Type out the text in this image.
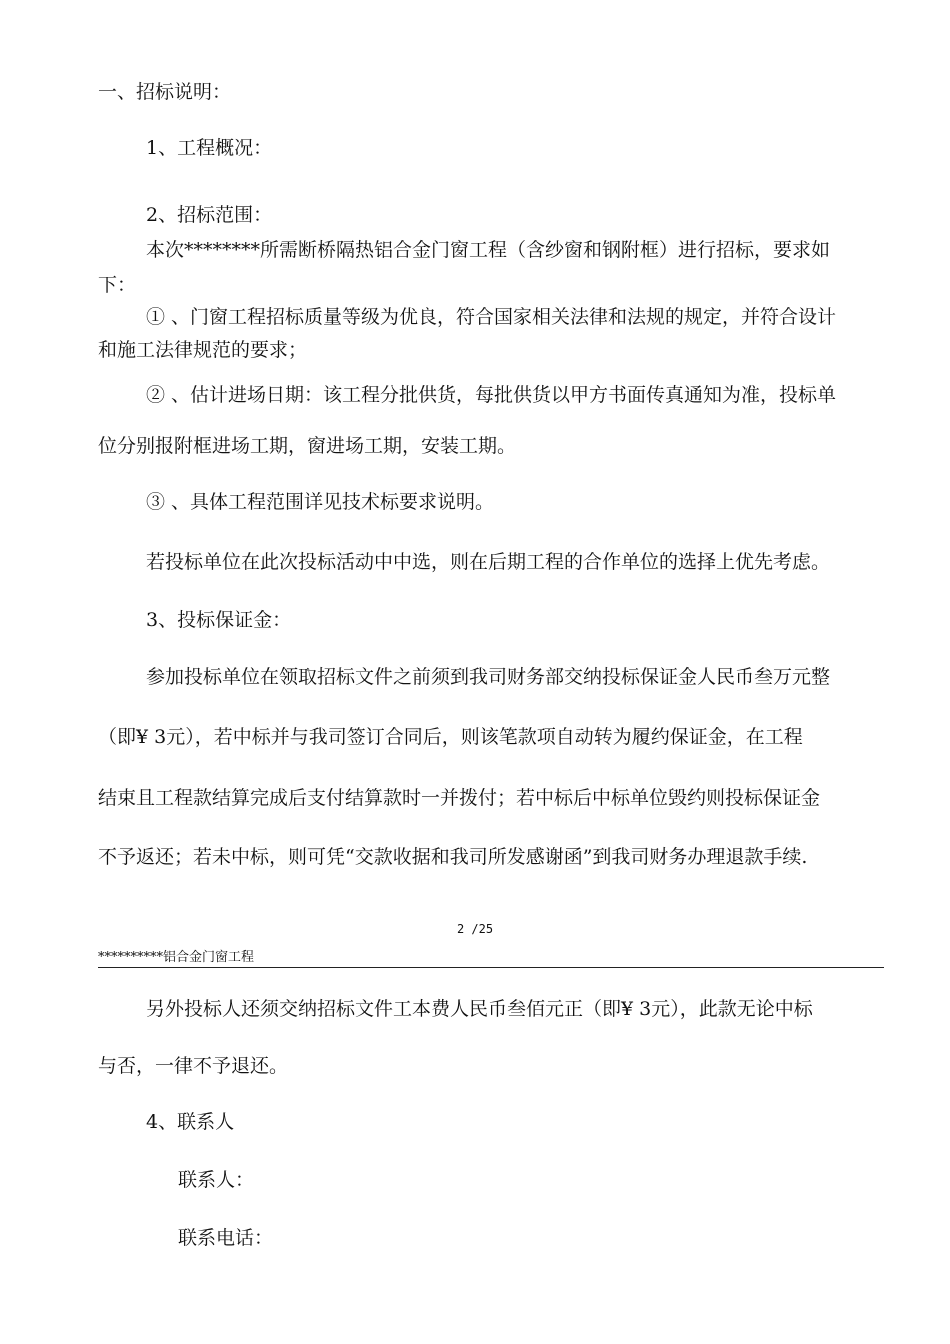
一、招标说明：
1、工程概况：
2、招标范围：
本次********所需断桥隔热铝合金门窗工程（含纱窗和钢附框）进行招标，要求如
下：
① 、门窗工程招标质量等级为优良，符合国家相关法律和法规的规定，并符合设计
和施工法律规范的要求；
② 、估计进场日期：该工程分批供货，每批供货以甲方书面传真通知为准，投标单
位分别报附框进场工期，窗进场工期，安装工期。
③ 、具体工程范围详见技术标要求说明。
若投标单位在此次投标活动中中选，则在后期工程的合作单位的选择上优先考虑。
3、投标保证金：
参加投标单位在领取招标文件之前须到我司财务部交纳投标保证金人民币叁万元整
（即¥ 3元），若中标并与我司签订合同后，则该笔款项自动转为履约保证金，在工程
结束且工程款结算完成后支付结算款时一并拨付；若中标后中标单位毁约则投标保证金
不予返还；若未中标，则可凭“交款收据和我司所发感谢函”到我司财务办理退款手续.
2 /25
**********铝合金门窗工程
另外投标人还须交纳招标文件工本费人民币叁佰元正（即¥ 3元），此款无论中标
与否，一律不予退还。
4、联系人
联系人：
联系电话：
